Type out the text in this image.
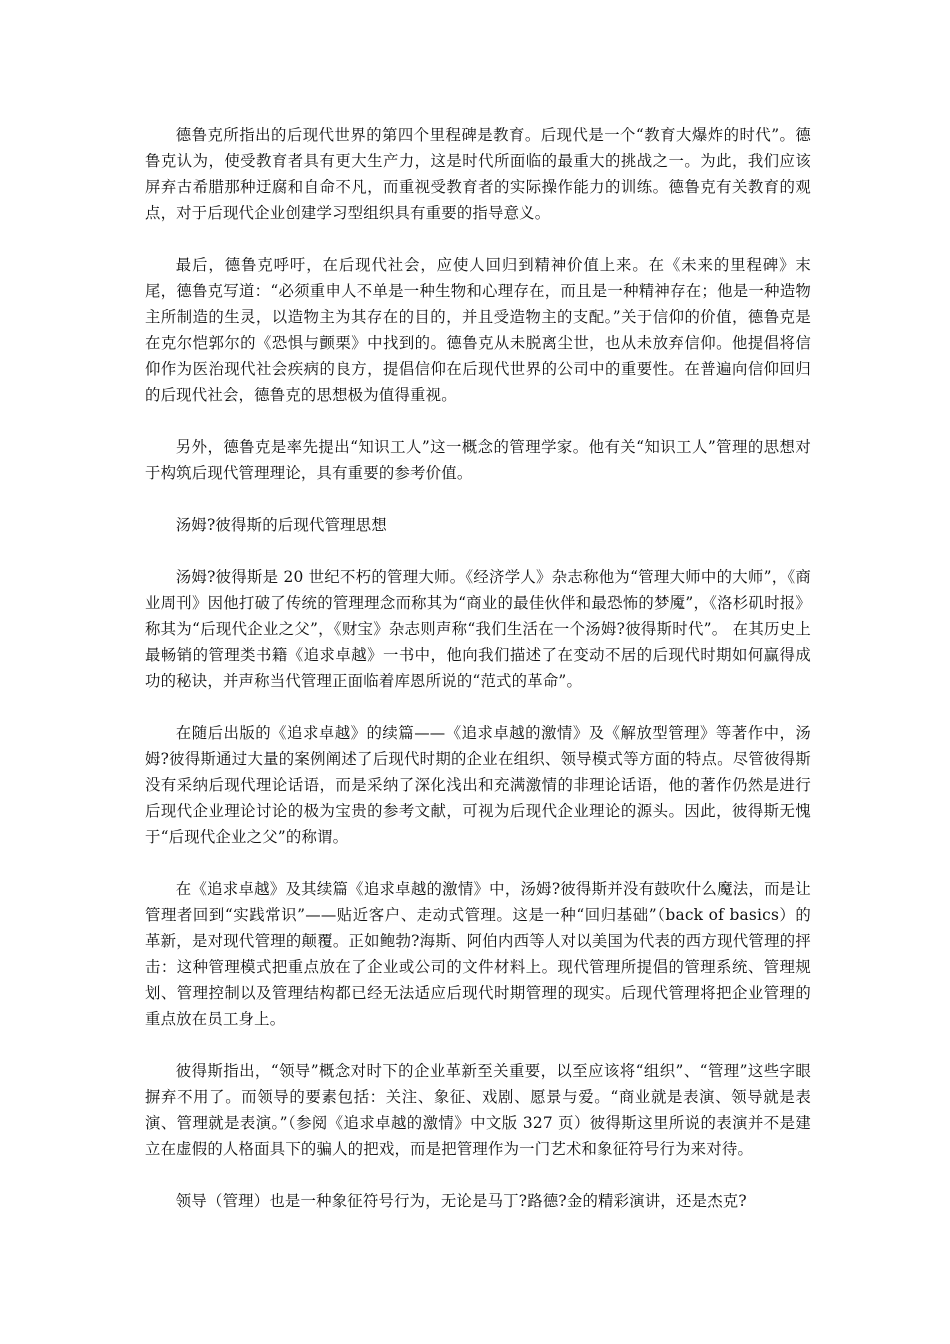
德鲁克所指出的后现代世界的第四个里程碑是教育。后现代是一个“教育大爆炸的时代”。德鲁克认为，使受教育者具有更大生产力，这是时代所面临的最重大的挑战之一。为此，我们应该屏弃古希腊那种迂腐和自命不凡，而重视受教育者的实际操作能力的训练。德鲁克有关教育的观点，对于后现代企业创建学习型组织具有重要的指导意义。

最后，德鲁克呼吁，在后现代社会，应使人回归到精神价值上来。在《未来的里程碑》末尾，德鲁克写道：“必须重申人不单是一种生物和心理存在，而且是一种精神存在；他是一种造物主所制造的生灵，以造物主为其存在的目的，并且受造物主的支配。”关于信仰的价值，德鲁克是在克尔恺郭尔的《恐惧与颤栗》中找到的。德鲁克从未脱离尘世，也从未放弃信仰。他提倡将信仰作为医治现代社会疾病的良方，提倡信仰在后现代世界的公司中的重要性。在普遍向信仰回归的后现代社会，德鲁克的思想极为值得重视。

另外，德鲁克是率先提出“知识工人”这一概念的管理学家。他有关“知识工人”管理的思想对于构筑后现代管理理论，具有重要的参考价值。

汤姆?彼得斯的后现代管理思想

汤姆?彼得斯是 20 世纪不朽的管理大师。《经济学人》杂志称他为“管理大师中的大师”，《商业周刊》因他打破了传统的管理理念而称其为“商业的最佳伙伴和最恐怖的梦魇”，《洛杉矶时报》称其为“后现代企业之父”，《财宝》杂志则声称“我们生活在一个汤姆?彼得斯时代”。 在其历史上最畅销的管理类书籍《追求卓越》一书中，他向我们描述了在变动不居的后现代时期如何赢得成功的秘诀，并声称当代管理正面临着库恩所说的“范式的革命”。

在随后出版的《追求卓越》的续篇——《追求卓越的激情》及《解放型管理》等著作中，汤姆?彼得斯通过大量的案例阐述了后现代时期的企业在组织、领导模式等方面的特点。尽管彼得斯没有采纳后现代理论话语，而是采纳了深化浅出和充满激情的非理论话语，他的著作仍然是进行后现代企业理论讨论的极为宝贵的参考文献，可视为后现代企业理论的源头。因此，彼得斯无愧于“后现代企业之父”的称谓。

在《追求卓越》及其续篇《追求卓越的激情》中，汤姆?彼得斯并没有鼓吹什么魔法，而是让管理者回到“实践常识”——贴近客户、走动式管理。这是一种“回归基础”（back of basics）的革新，是对现代管理的颠覆。正如鲍勃?海斯、阿伯内西等人对以美国为代表的西方现代管理的抨击：这种管理模式把重点放在了企业或公司的文件材料上。现代管理所提倡的管理系统、管理规划、管理控制以及管理结构都已经无法适应后现代时期管理的现实。后现代管理将把企业管理的重点放在员工身上。

彼得斯指出，“领导”概念对时下的企业革新至关重要，以至应该将“组织”、“管理”这些字眼摒弃不用了。而领导的要素包括：关注、象征、戏剧、愿景与爱。“商业就是表演、领导就是表演、管理就是表演。”（参阅《追求卓越的激情》中文版 327 页）彼得斯这里所说的表演并不是建立在虚假的人格面具下的骗人的把戏，而是把管理作为一门艺术和象征符号行为来对待。

领导（管理）也是一种象征符号行为，无论是马丁?路德?金的精彩演讲，还是杰克?
